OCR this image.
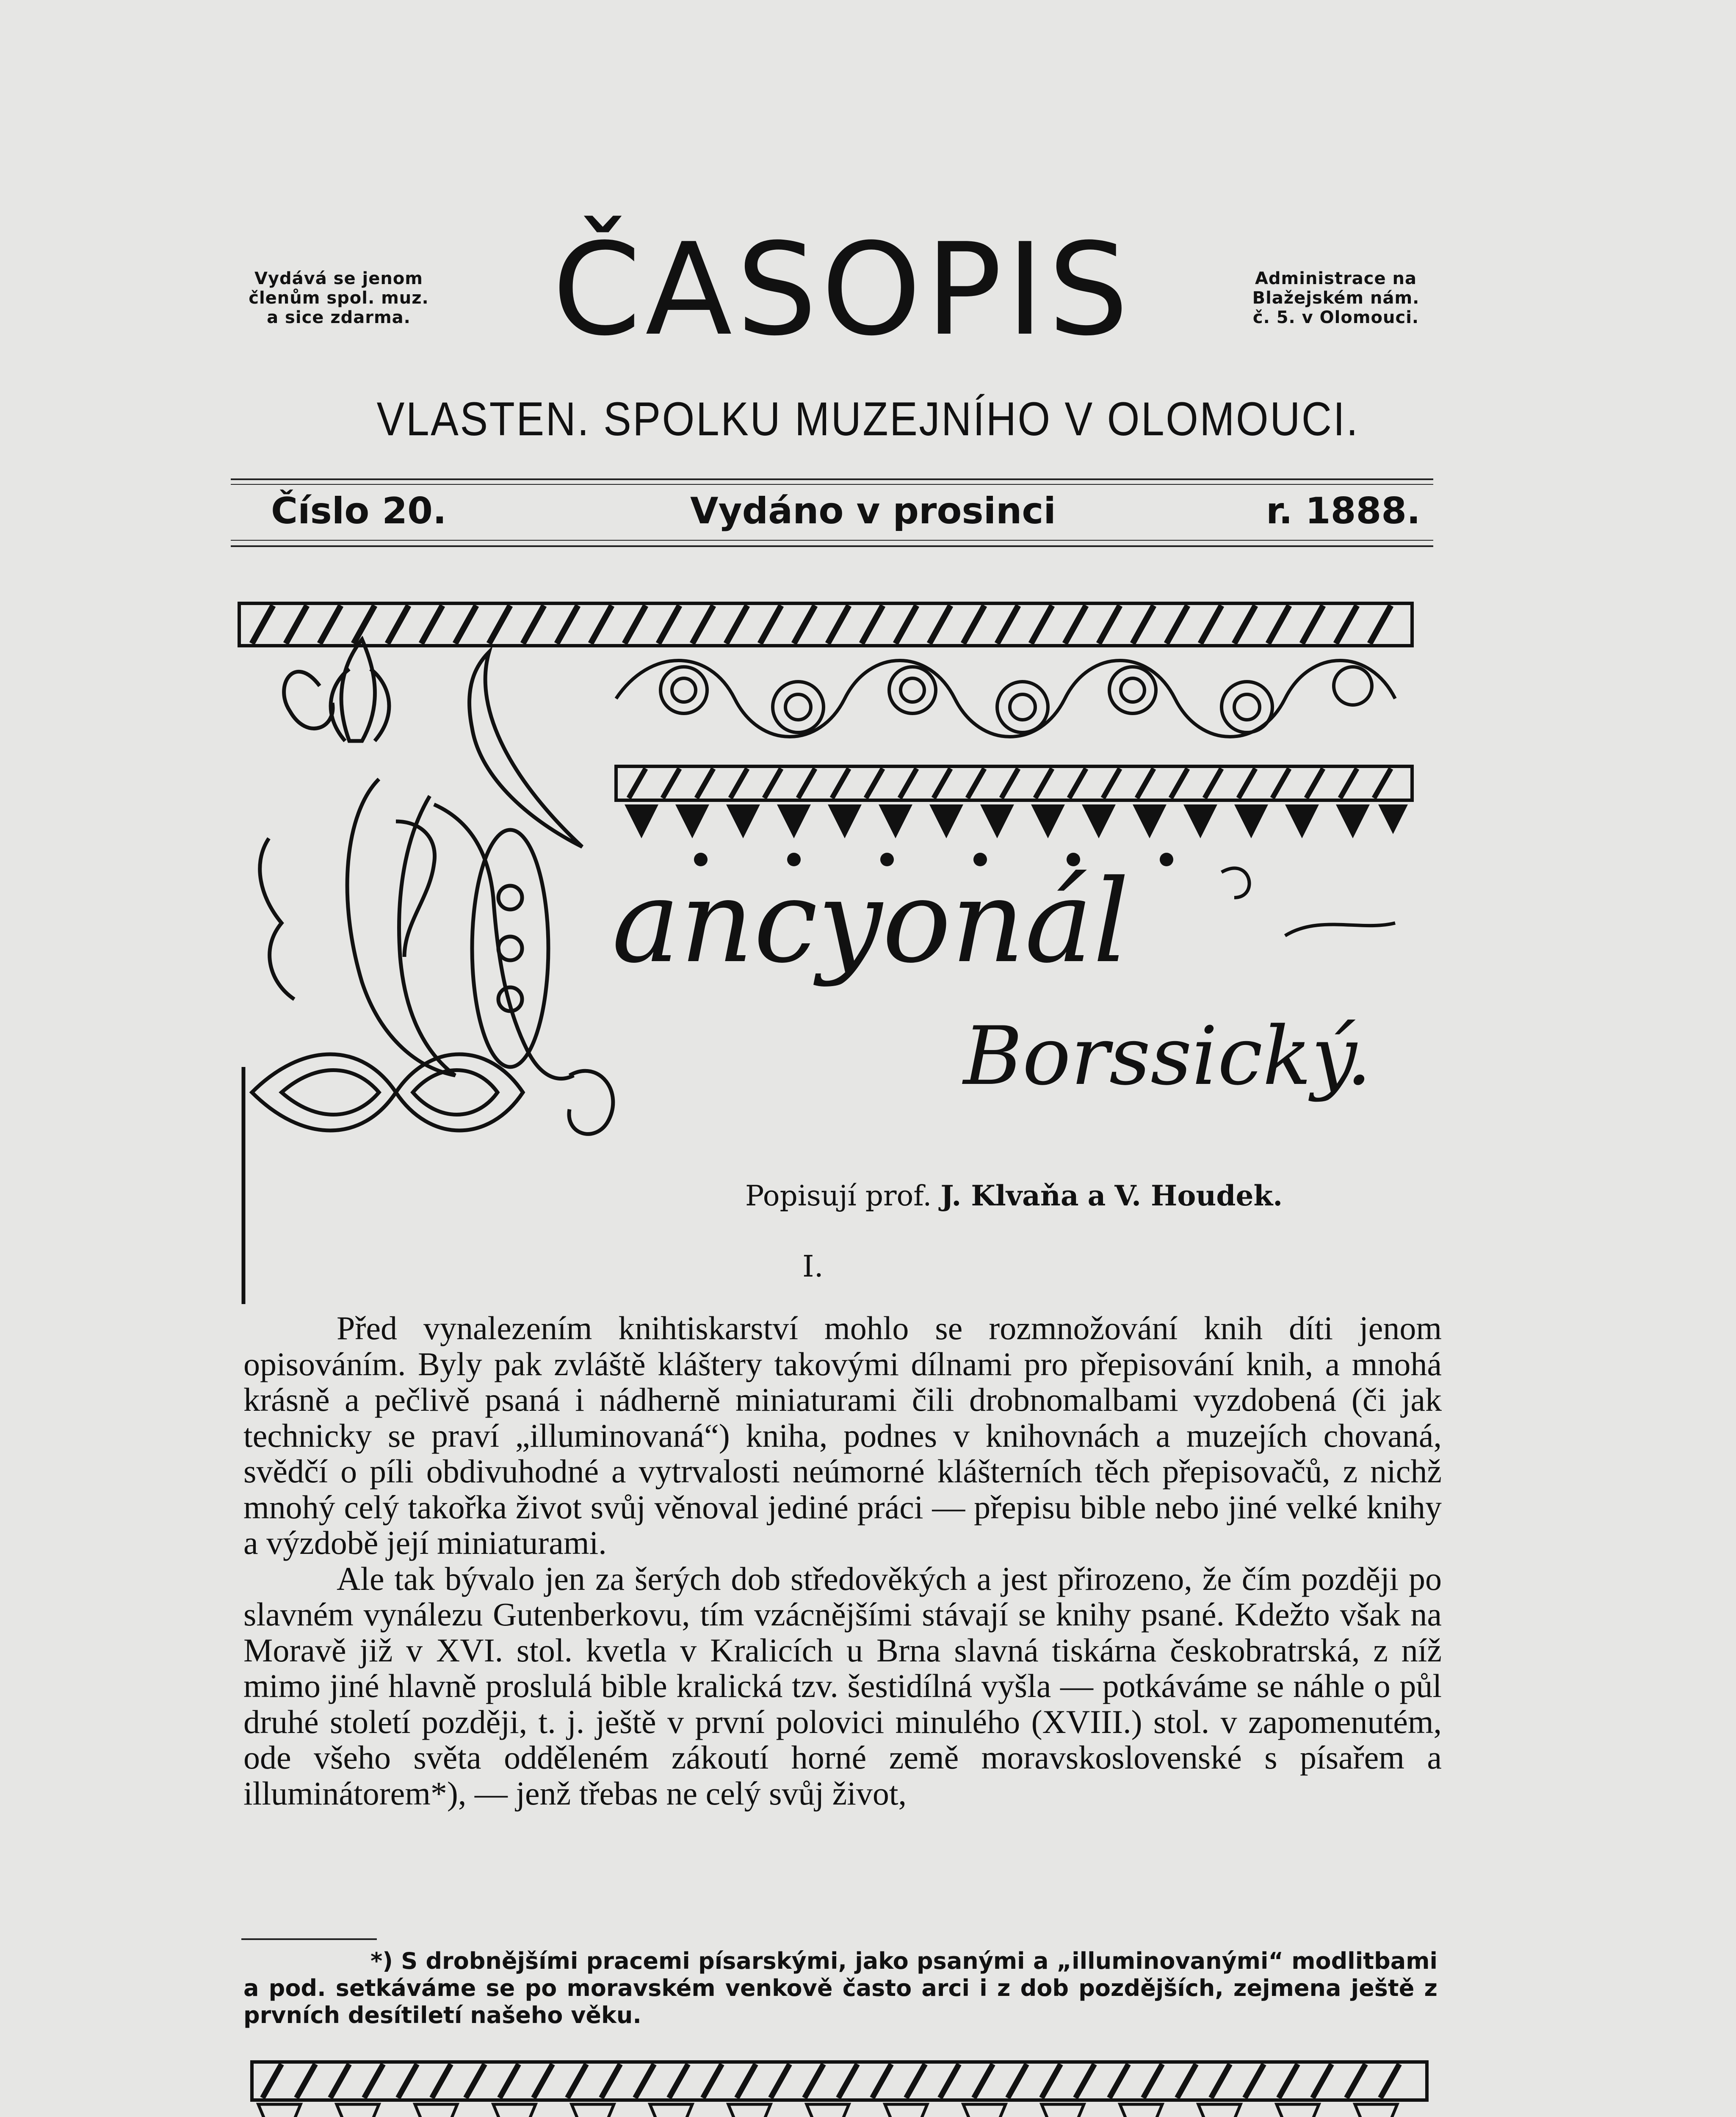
Vydává se jenom
členům spol. muz.
a sice zdarma.	ČASOPIS	Administrace na
Blažejském nám.
č. 5. v Olomouci.
VLASTEN. SPOLKU MUZEJNÍHO V OLOMOUCI.
Číslo 20.	Vydáno v prosinci	r. 1888.
ancyonál
Borssický.
Popisují prof. J. Klvaňa a V. Houdek.
I.

Před vynalezením knihtiskarství mohlo se rozmnožování knih díti jenom opisováním. Byly pak zvláště kláštery takovými dílnami pro přepisování knih, a mnohá krásně a pečlivě psaná i nádherně miniaturami čili drobnomalbami vyzdobená (či jak technicky se praví „illuminovaná“) kniha, podnes v knihovnách a muzejích chovaná, svědčí o píli obdivuhodné a vytrvalosti neúmorné klášterních těch přepisovačů, z nichž mnohý celý takořka život svůj věnoval jediné práci — přepisu bible nebo jiné velké knihy a výzdobě její miniaturami.

Ale tak bývalo jen za šerých dob středověkých a jest přirozeno, že čím později po slavném vynálezu Gutenberkovu, tím vzácnějšími stávají se knihy psané. Kdežto však na Moravě již v XVI. stol. kvetla v Kralicích u Brna slavná tiskárna českobratrská, z níž mimo jiné hlavně proslulá bible kralická tzv. šestidílná vyšla — potkáváme se náhle o půl druhé století později, t. j. ještě v první polovici minulého (XVIII.) stol. v zapomenutém, ode všeho světa odděleném zákoutí horné země moravskoslovenské s písařem a illuminátorem*), — jenž třebas ne celý svůj život,

*) S drobnějšími pracemi písarskými, jako psanými a „illuminovanými“ modlitbami a pod. setkáváme se po moravském venkově často arci i z dob pozdějších, zejmena ještě z prvních desítiletí našeho věku.
